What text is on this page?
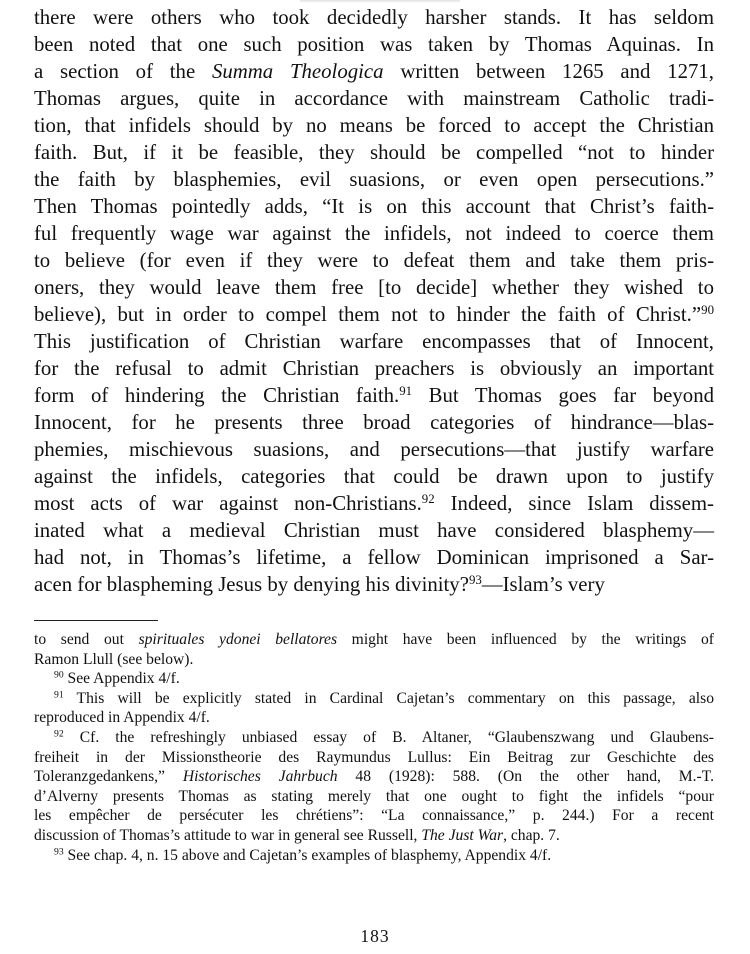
there were others who took decidedly harsher stands. It has seldom
been noted that one such position was taken by Thomas Aquinas. In
a section of the Summa Theologica written between 1265 and 1271,
Thomas argues, quite in accordance with mainstream Catholic tradi-
tion, that infidels should by no means be forced to accept the Christian
faith. But, if it be feasible, they should be compelled “not to hinder
the faith by blasphemies, evil suasions, or even open persecutions.”
Then Thomas pointedly adds, “It is on this account that Christ’s faith-
ful frequently wage war against the infidels, not indeed to coerce them
to believe (for even if they were to defeat them and take them pris-
oners, they would leave them free [to decide] whether they wished to
believe), but in order to compel them not to hinder the faith of Christ.”$^{90}$
This justification of Christian warfare encompasses that of Innocent,
for the refusal to admit Christian preachers is obviously an important
form of hindering the Christian faith.$^{91}$ But Thomas goes far beyond
Innocent, for he presents three broad categories of hindrance—blas-
phemies, mischievous suasions, and persecutions—that justify warfare
against the infidels, categories that could be drawn upon to justify
most acts of war against non-Christians.$^{92}$ Indeed, since Islam dissem-
inated what a medieval Christian must have considered blasphemy—
had not, in Thomas’s lifetime, a fellow Dominican imprisoned a Sar-
acen for blaspheming Jesus by denying his divinity?$^{93}$—Islam’s very
to send out spirituales ydonei bellatores might have been influenced by the writings of
Ramon Llull (see below).
$^{90}$ See Appendix 4/f.
$^{91}$ This will be explicitly stated in Cardinal Cajetan’s commentary on this passage, also
reproduced in Appendix 4/f.
$^{92}$ Cf. the refreshingly unbiased essay of B. Altaner, “Glaubenszwang und Glaubens-
freiheit in der Missionstheorie des Raymundus Lullus: Ein Beitrag zur Geschichte des
Toleranzgedankens,” Historisches Jahrbuch 48 (1928): 588. (On the other hand, M.-T.
d’Alverny presents Thomas as stating merely that one ought to fight the infidels “pour
les empêcher de persécuter les chrétiens”: “La connaissance,” p. 244.) For a recent
discussion of Thomas’s attitude to war in general see Russell, The Just War, chap. 7.
$^{93}$ See chap. 4, n. 15 above and Cajetan’s examples of blasphemy, Appendix 4/f.
183
